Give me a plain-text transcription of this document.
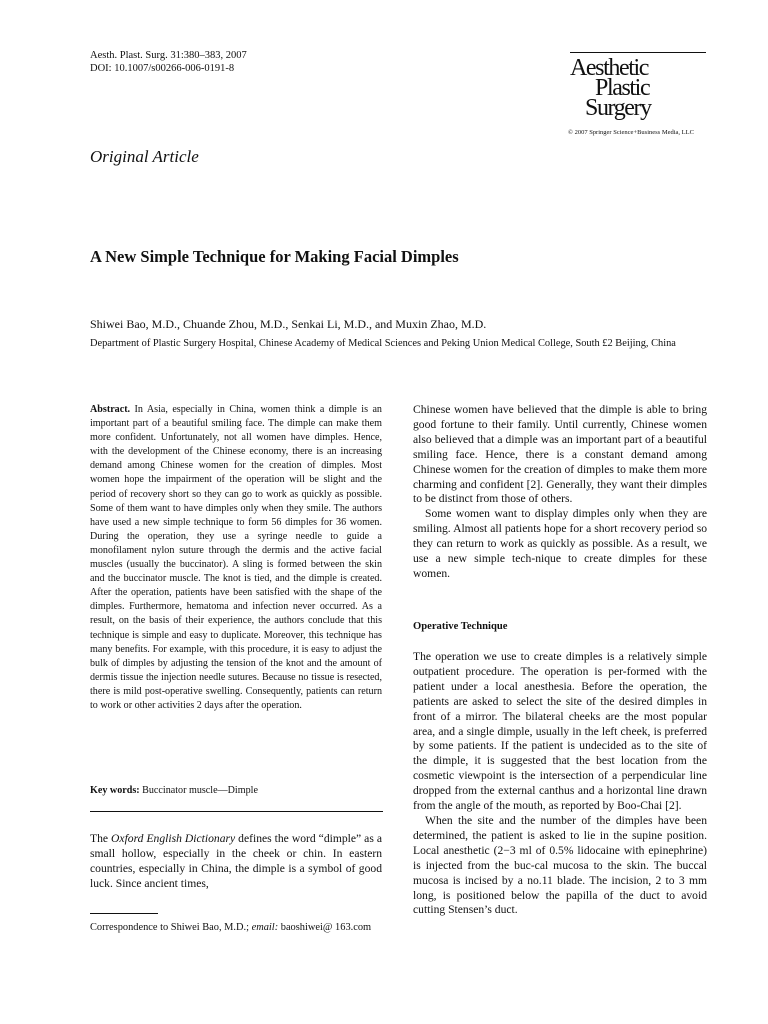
Aesth. Plast. Surg. 31:380–383, 2007
DOI: 10.1007/s00266-006-0191-8	Aesthetic
Plastic
Surgery
© 2007 Springer Science+Business Media, LLC
Original Article
A New Simple Technique for Making Facial Dimples
Shiwei Bao, M.D., Chuande Zhou, M.D., Senkai Li, M.D., and Muxin Zhao, M.D.
Department of Plastic Surgery Hospital, Chinese Academy of Medical Sciences and Peking Union Medical College, South £2 Beijing, China

Abstract. In Asia, especially in China, women think a dimple is an important part of a beautiful smiling face. The dimple can make them more confident. Unfortunately, not all women have dimples. Hence, with the development of the Chinese economy, there is an increasing demand among Chinese women for the creation of dimples. Most women hope the impairment of the operation will be slight and the period of recovery short so they can go to work as quickly as possible. Some of them want to have dimples only when they smile. The authors have used a new simple technique to form 56 dimples for 36 women. During the operation, they use a syringe needle to guide a monofilament nylon suture through the dermis and the active facial muscles (usually the buccinator). A sling is formed between the skin and the buccinator muscle. The knot is tied, and the dimple is created. After the operation, patients have been satisfied with the shape of the dimples. Furthermore, hematoma and infection never occurred. As a result, on the basis of their experience, the authors conclude that this technique is simple and easy to duplicate. Moreover, this technique has many benefits. For example, with this procedure, it is easy to adjust the bulk of dimples by adjusting the tension of the knot and the amount of dermis tissue the injection needle sutures. Because no tissue is resected, there is mild post-operative swelling. Consequently, patients can return to work or other activities 2 days after the operation.

Key words: Buccinator muscle—Dimple

The Oxford English Dictionary defines the word “dimple” as a small hollow, especially in the cheek or chin. In eastern countries, especially in China, the dimple is a symbol of good luck. Since ancient times,

Correspondence to Shiwei Bao, M.D.; email: baoshiwei@ 163.com

Chinese women have believed that the dimple is able to bring good fortune to their family. Until currently, Chinese women also believed that a dimple was an important part of a beautiful smiling face. Hence, there is a constant demand among Chinese women for the creation of dimples to make them more charming and confident [2]. Generally, they want their dimples to be distinct from those of others.

Some women want to display dimples only when they are smiling. Almost all patients hope for a short recovery period so they can return to work as quickly as possible. As a result, we use a new simple tech-nique to create dimples for these women.

Operative Technique

The operation we use to create dimples is a relatively simple outpatient procedure. The operation is per-formed with the patient under a local anesthesia. Before the operation, the patients are asked to select the site of the desired dimples in front of a mirror. The bilateral cheeks are the most popular area, and a single dimple, usually in the left cheek, is preferred by some patients. If the patient is undecided as to the site of the dimple, it is suggested that the best location from the cosmetic viewpoint is the intersection of a perpendicular line dropped from the external canthus and a horizontal line drawn from the angle of the mouth, as reported by Boo-Chai [2].

When the site and the number of the dimples have been determined, the patient is asked to lie in the supine position. Local anesthetic (2−3 ml of 0.5% lidocaine with epinephrine) is injected from the buc-cal mucosa to the skin. The buccal mucosa is incised by a no.11 blade. The incision, 2 to 3 mm long, is positioned below the papilla of the duct to avoid cutting Stensen’s duct.
